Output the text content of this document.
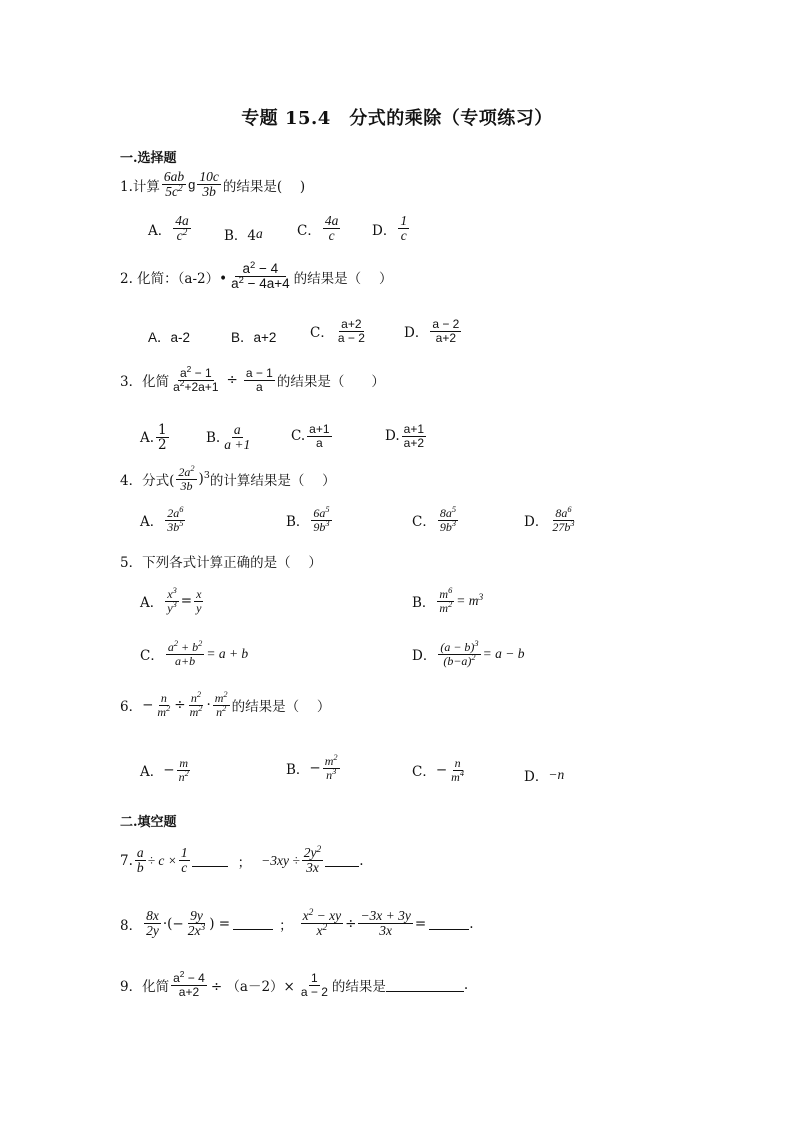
专题 15.4　分式的乘除（专项练习）
一.选择题
1.计算 $\frac{6ab}{5c^2}$ g $\frac{10c}{3b}$ 的结果是(　 )
A． $\frac{4a}{c^2}$ B．4 a	C． $\frac{4a}{c}$ D． $\frac{1}{c}$
2. 化简：（a-2）• $\frac{a^2 - 4}{a^2 - 4a+4}$ 的结果是（　 ）
A．a-2	B．a+2 C． $\frac{a+2}{a - 2}$	D． $\frac{a - 2}{a+2}$
3．化简 $\frac{a^2 - 1}{a^2+2a+1} \div \frac{a - 1}{a}$ 的结果是（　　）
A. $\frac{1}{2}$	B. $\frac{a}{a +1}$	C. $\frac{a+1}{a}$	D. $\frac{a+1}{a+2}$
4．分式( $\frac{2a^2}{3b} )^3$ 的计算结果是（　 ）
A． $\frac{2a^6}{3b^5}$	B． $\frac{6a^5}{9b^3}$	C． $\frac{8a^5}{9b^3}$	D． $\frac{8a^6}{27b^3}$
5．下列各式计算正确的是（　 ）
A． $\frac{x^3}{y^3} = \frac{x}{y}$	B． $\frac{m^6}{m^2} = m^3$
C． $\frac{a^2 + b^2}{a+b} = a + b$	D． $\frac{(a - b)^3}{(b-a)^2} = a - b$
6． − $\frac{n}{m^2} \div \frac{n^2}{m^2} \cdot \frac{m^2}{n^2}$ 的结果是（　 ）
A． − $\frac{m}{n^2}$	B． − $\frac{m^2}{n^3}$	C． − $\frac{n}{m^4}$	D． −n
二.填空题
7. $\frac{a}{b} \div c \times \frac{1}{c}$	； $-3xy \div \frac{2y^2}{3x}$	.
8． $\frac{8x}{2y}$ ·(− $\frac{9y}{2x^3}$ ) =	； $\frac{x^2 - xy}{x^2} \div \frac{-3x + 3y}{3x}$ =	.
9．化简 $\frac{a^2 - 4}{a+2} \div (a-2)\times \frac{1}{a - 2}$ 的结果是	.
